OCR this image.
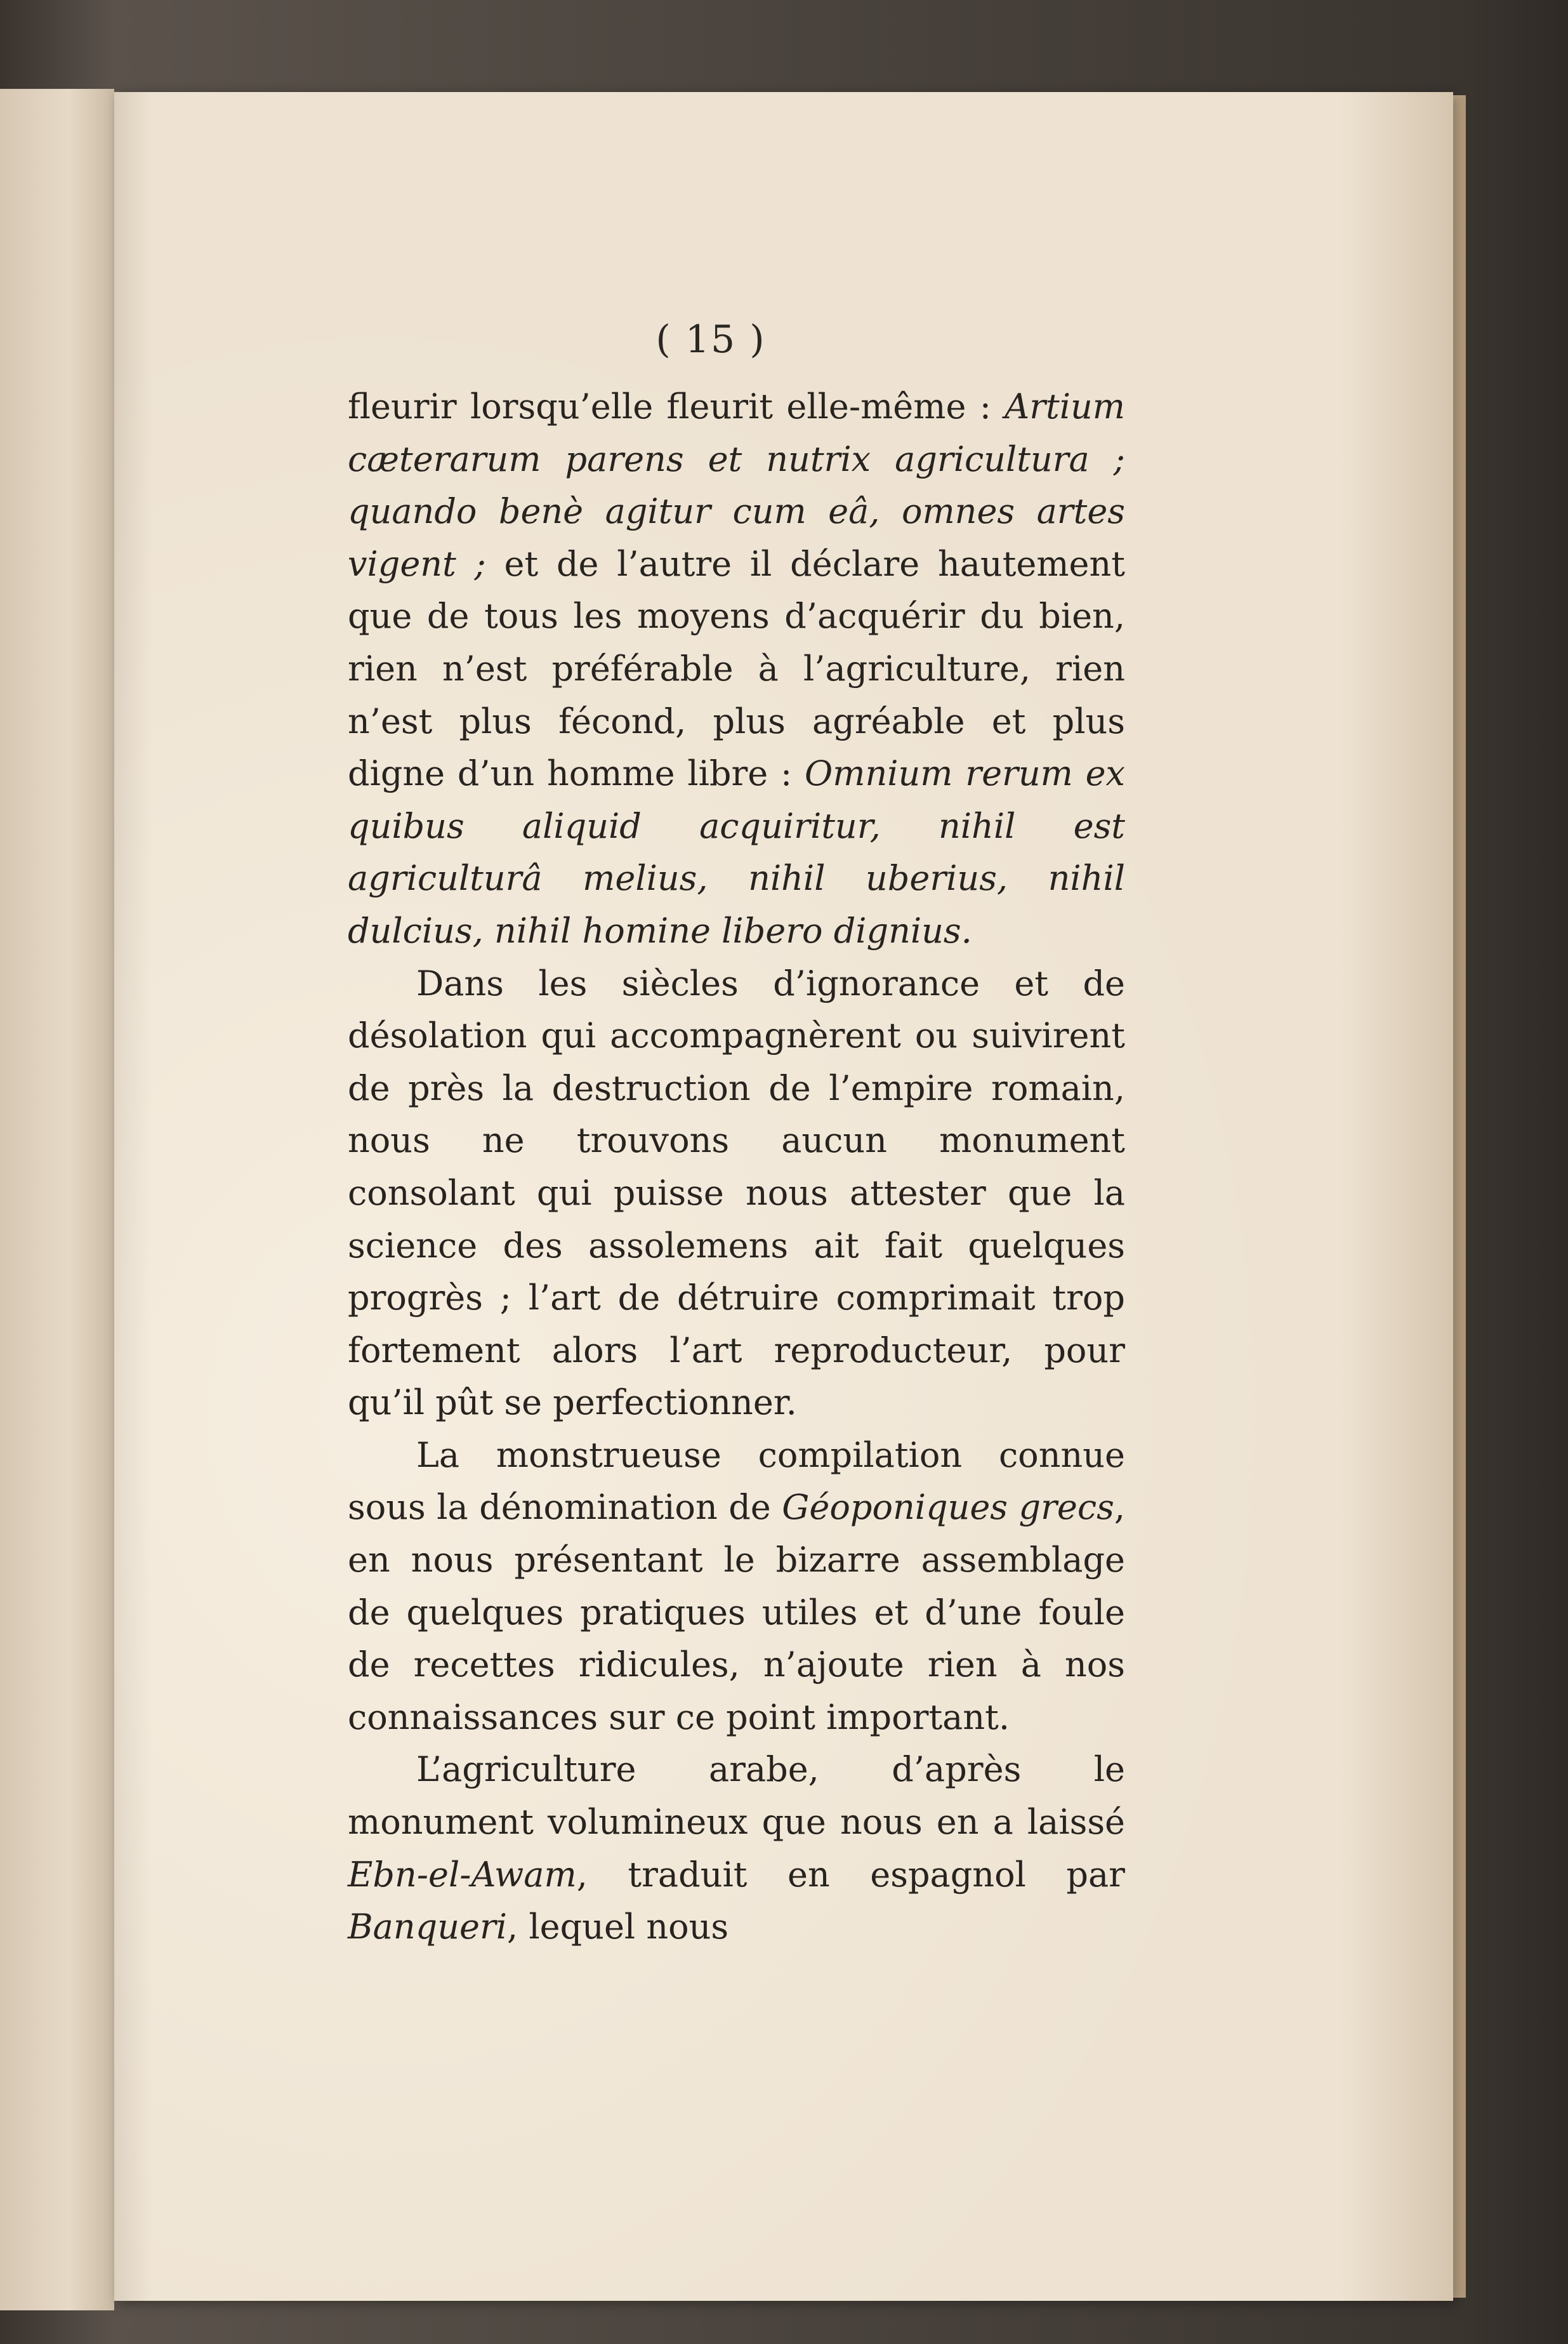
( 15 )

fleurir lorsqu’elle fleurit elle-même : Artium cæterarum parens et nutrix agricultura ; quando benè agitur cum eâ, omnes artes vigent ; et de l’autre il déclare hautement que de tous les moyens d’acquérir du bien, rien n’est préférable à l’agriculture, rien n’est plus fécond, plus agréable et plus digne d’un homme libre : Omnium rerum ex quibus aliquid acquiritur, nihil est agriculturâ melius, nihil uberius, nihil dulcius, nihil homine libero dignius.

Dans les siècles d’ignorance et de désolation qui accompagnèrent ou suivirent de près la destruction de l’empire romain, nous ne trouvons aucun monument consolant qui puisse nous attester que la science des assolemens ait fait quelques progrès ; l’art de détruire comprimait trop fortement alors l’art reproducteur, pour qu’il pût se perfectionner.

La monstrueuse compilation connue sous la dénomination de Géoponiques grecs, en nous présentant le bizarre assemblage de quelques pratiques utiles et d’une foule de recettes ridicules, n’ajoute rien à nos connaissances sur ce point important.

L’agriculture arabe, d’après le monument volumineux que nous en a laissé Ebn-el-Awam, traduit en espagnol par Banqueri, lequel nous
